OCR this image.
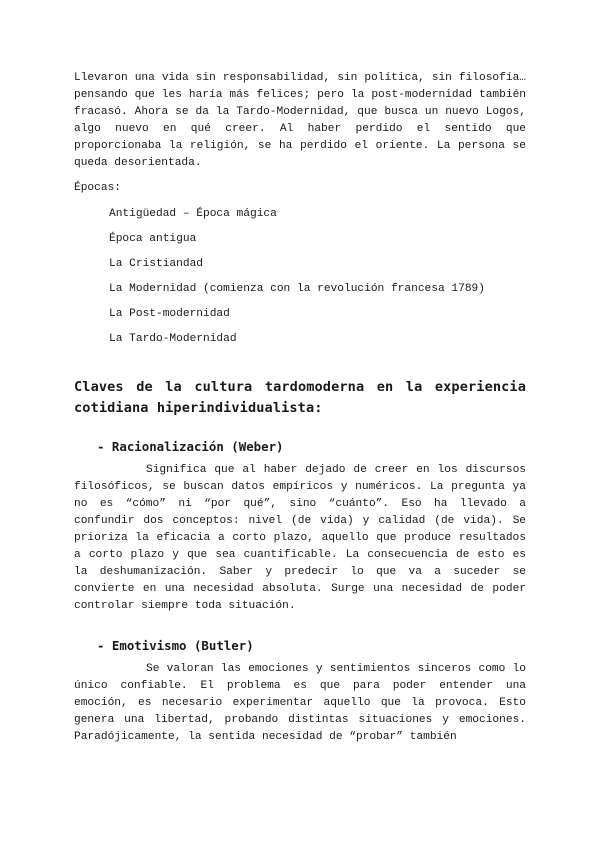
Llevaron una vida sin responsabilidad, sin política, sin filosofía… pensando que les haría más felices; pero la post-modernidad también fracasó. Ahora se da la Tardo-Modernidad, que busca un nuevo Logos, algo nuevo en qué creer. Al haber perdido el sentido que proporcionaba la religión, se ha perdido el oriente. La persona se queda desorientada.

Épocas:

Antigüedad – Época mágica
Época antigua
La Cristiandad
La Modernidad (comienza con la revolución francesa 1789)
La Post-modernidad
La Tardo-Modernidad
Claves de la cultura tardomoderna en la experiencia cotidiana hiperindividualista:
- Racionalización (Weber)

Significa que al haber dejado de creer en los discursos filosóficos, se buscan datos empíricos y numéricos. La pregunta ya no es “cómo” ni “por qué”, sino “cuánto”. Eso ha llevado a confundir dos conceptos: nivel (de vida) y calidad (de vida). Se prioriza la eficacia a corto plazo, aquello que produce resultados a corto plazo y que sea cuantificable. La consecuencia de esto es la deshumanización. Saber y predecir lo que va a suceder se convierte en una necesidad absoluta. Surge una necesidad de poder controlar siempre toda situación.

- Emotivismo (Butler)

Se valoran las emociones y sentimientos sinceros como lo único confiable. El problema es que para poder entender una emoción, es necesario experimentar aquello que la provoca. Esto genera una libertad, probando distintas situaciones y emociones. Paradójicamente, la sentida necesidad de “probar” también
